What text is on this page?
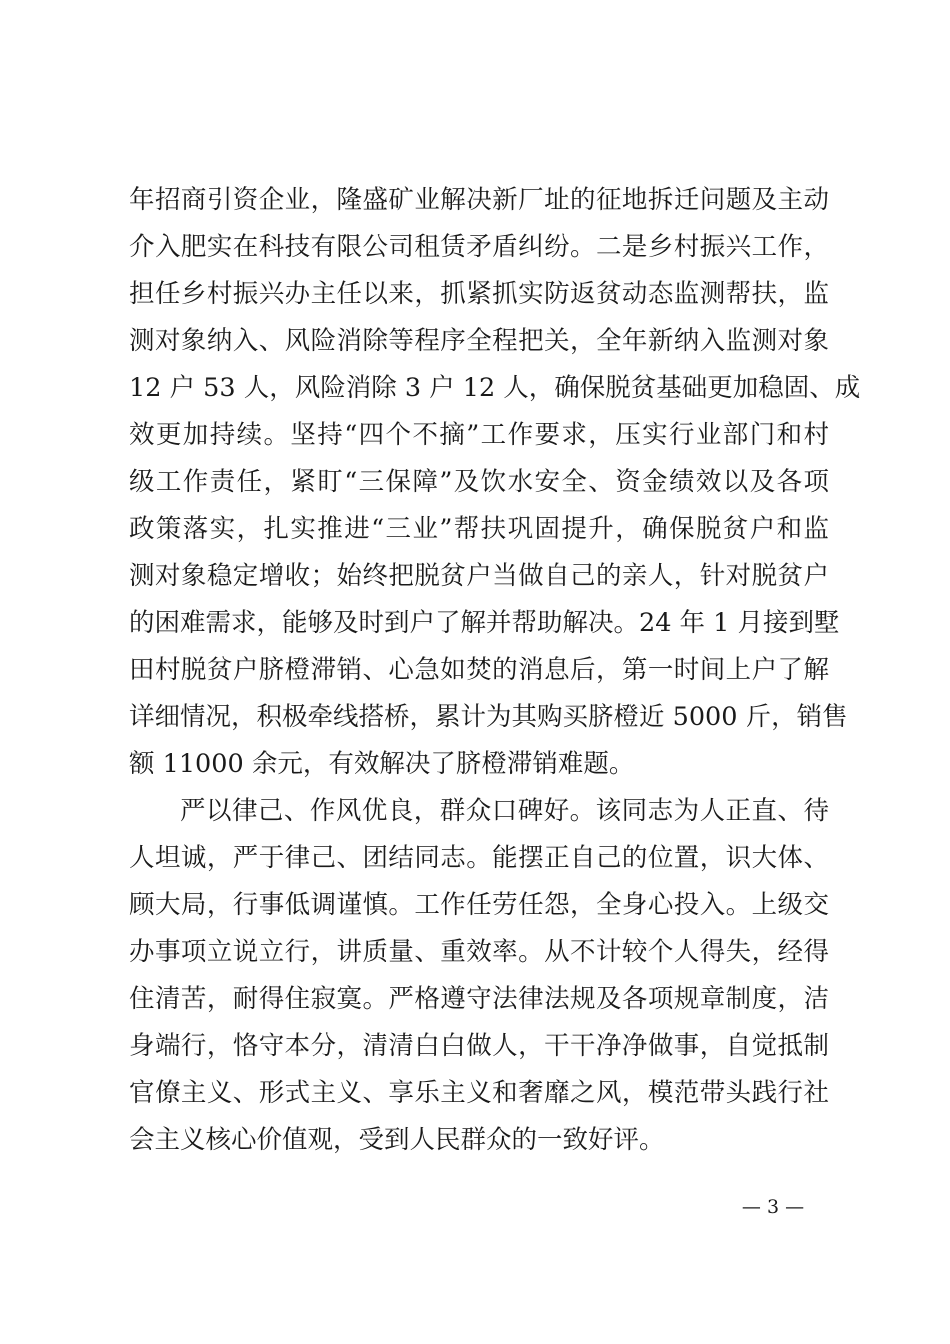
年招商引资企业，隆盛矿业解决新厂址的征地拆迁问题及主动
介入肥实在科技有限公司租赁矛盾纠纷。二是乡村振兴工作，
担任乡村振兴办主任以来，抓紧抓实防返贫动态监测帮扶，监
测对象纳入、风险消除等程序全程把关，全年新纳入监测对象
12 户 53 人，风险消除 3 户 12 人，确保脱贫基础更加稳固、成
效更加持续。坚持“四个不摘”工作要求，压实行业部门和村
级工作责任，紧盯“三保障”及饮水安全、资金绩效以及各项
政策落实，扎实推进“三业”帮扶巩固提升，确保脱贫户和监
测对象稳定增收；始终把脱贫户当做自己的亲人，针对脱贫户
的困难需求，能够及时到户了解并帮助解决。24 年 1 月接到墅
田村脱贫户脐橙滞销、心急如焚的消息后，第一时间上户了解
详细情况，积极牵线搭桥，累计为其购买脐橙近 5000 斤，销售
额 11000 余元，有效解决了脐橙滞销难题。
严以律己、作风优良，群众口碑好。该同志为人正直、待
人坦诚，严于律己、团结同志。能摆正自己的位置，识大体、
顾大局，行事低调谨慎。工作任劳任怨，全身心投入。上级交
办事项立说立行，讲质量、重效率。从不计较个人得失，经得
住清苦，耐得住寂寞。严格遵守法律法规及各项规章制度，洁
身端行，恪守本分，清清白白做人，干干净净做事，自觉抵制
官僚主义、形式主义、享乐主义和奢靡之风，模范带头践行社
会主义核心价值观，受到人民群众的一致好评。
— 3 —
